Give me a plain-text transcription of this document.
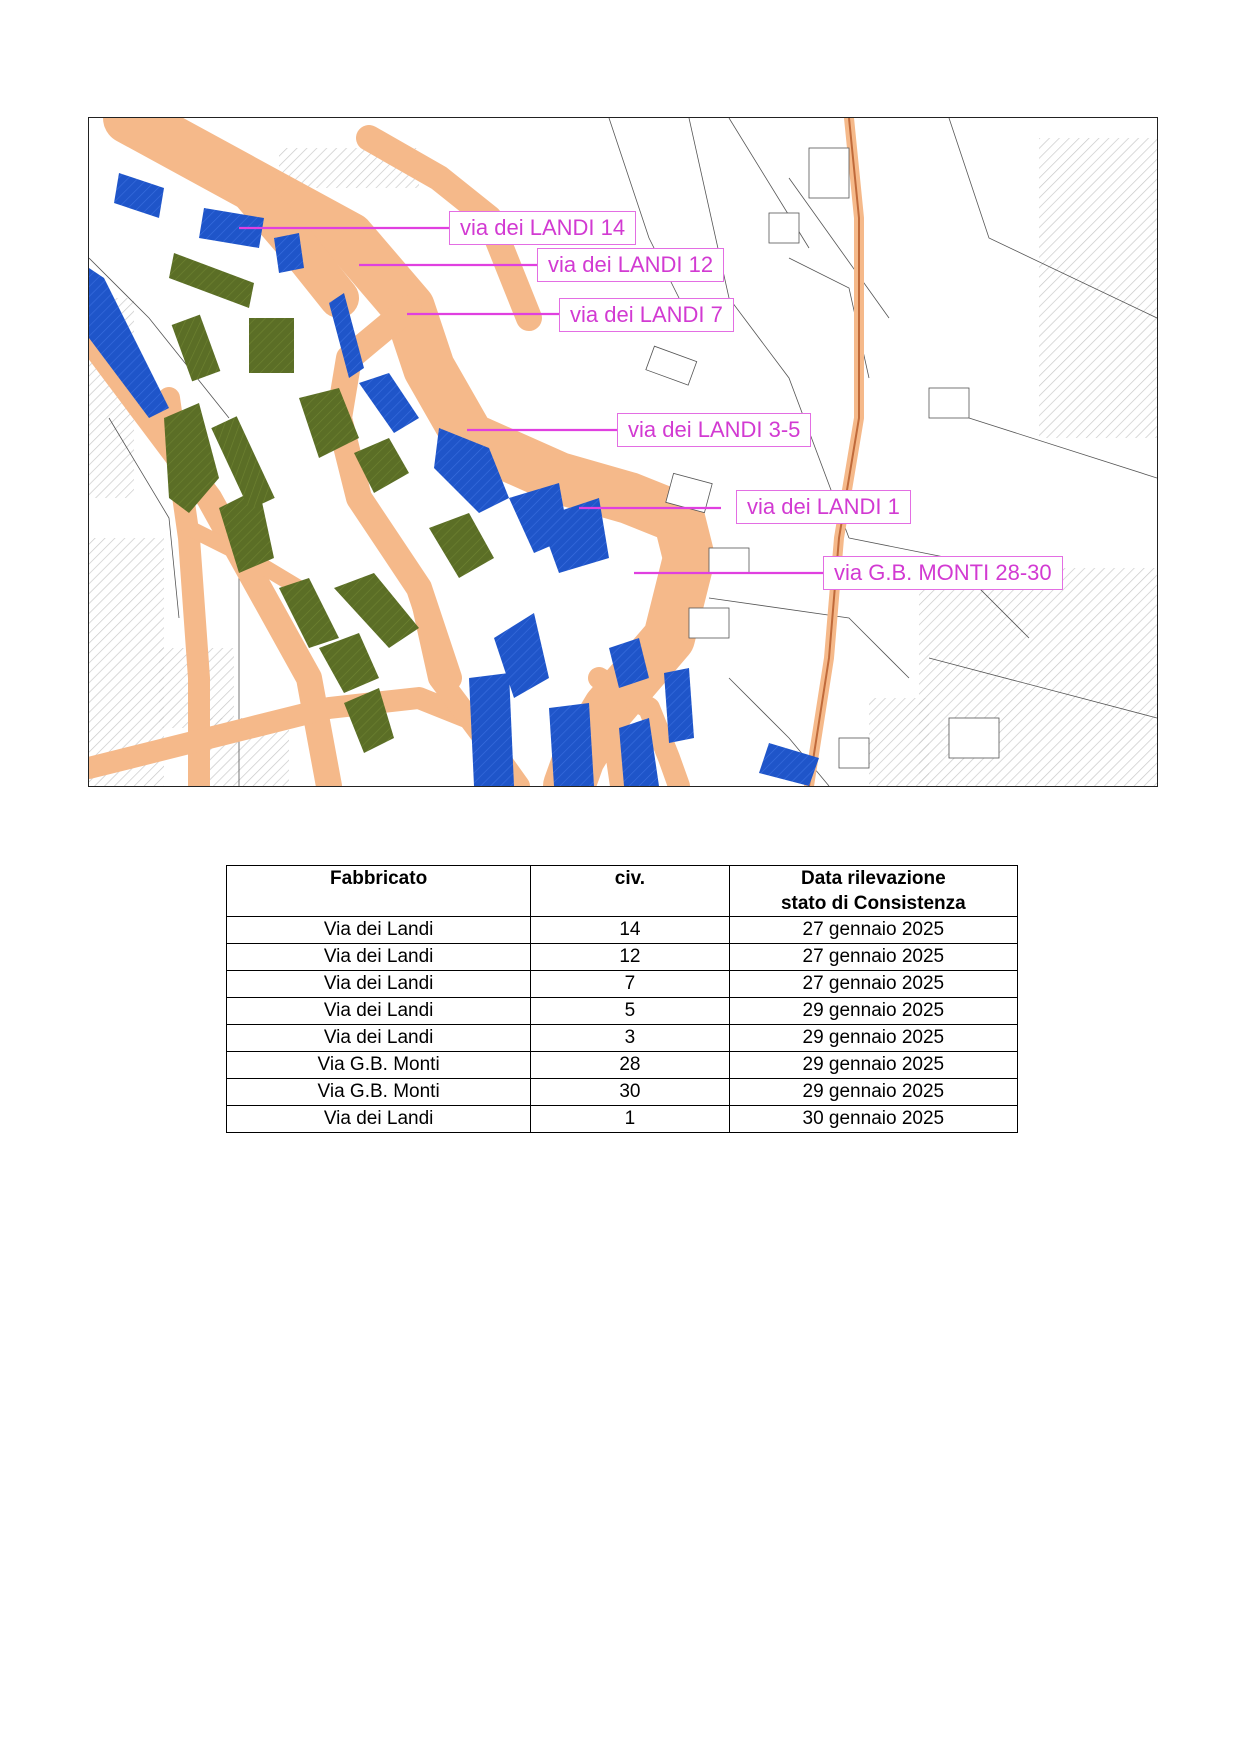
via dei LANDI 14
via dei LANDI 12
via dei LANDI 7
via dei LANDI 3-5
via dei LANDI 1
via G.B. MONTI 28-30
Fabbricato	civ.	Data rilevazione
stato di Consistenza
Via dei Landi	14	27 gennaio 2025
Via dei Landi	12	27 gennaio 2025
Via dei Landi	7	27 gennaio 2025
Via dei Landi	5	29 gennaio 2025
Via dei Landi	3	29 gennaio 2025
Via G.B. Monti	28	29 gennaio 2025
Via G.B. Monti	30	29 gennaio 2025
Via dei Landi	1	30 gennaio 2025
